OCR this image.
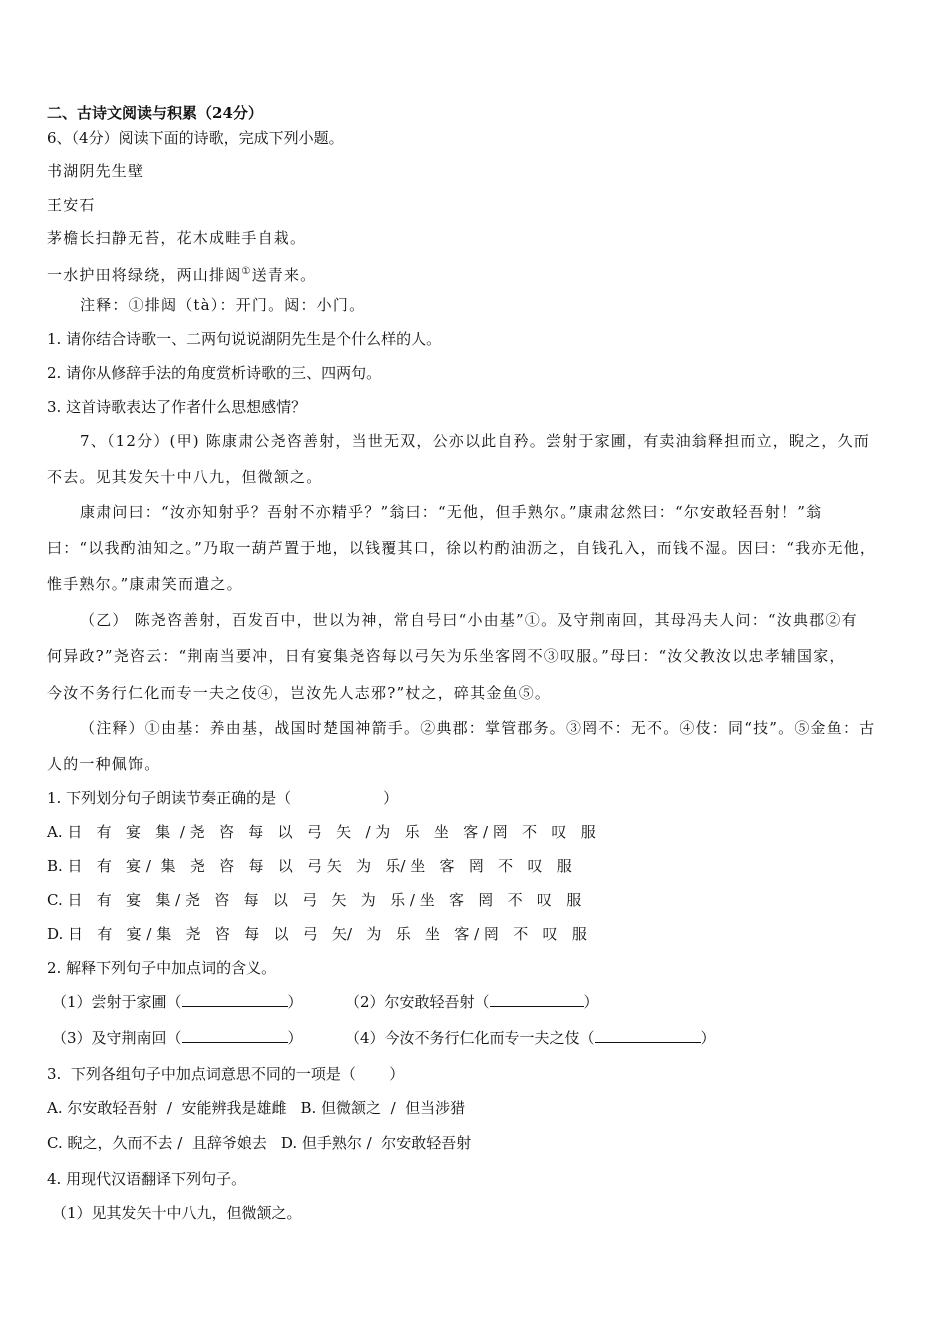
二、古诗文阅读与积累（24分）
6、（4分）阅读下面的诗歌，完成下列小题。
书湖阴先生壁
王安石
茅檐长扫静无苔，花木成畦手自栽。
一水护田将绿绕，两山排闼①送青来。
注释：①排闼（tà）：开门。闼：小门。
1. 请你结合诗歌一、二两句说说湖阴先生是个什么样的人。
2. 请你从修辞手法的角度赏析诗歌的三、四两句。
3. 这首诗歌表达了作者什么思想感情？
7、（12分）(甲) 陈康肃公尧咨善射，当世无双，公亦以此自矜。尝射于家圃，有卖油翁释担而立，睨之，久而
不去。见其发矢十中八九，但微颔之。
康肃问曰：“汝亦知射乎？吾射不亦精乎？”翁曰：“无他，但手熟尔。”康肃忿然曰：“尔安敢轻吾射！”翁
曰：“以我酌油知之。”乃取一葫芦置于地，以钱覆其口，徐以杓酌油沥之，自钱孔入，而钱不湿。因曰：“我亦无他，
惟手熟尔。”康肃笑而遣之。
（乙） 陈尧咨善射，百发百中，世以为神，常自号曰“小由基”①。及守荆南回，其母冯夫人问：“汝典郡②有
何异政?”尧咨云：“荆南当要冲，日有宴集尧咨每以弓矢为乐坐客罔不③叹服。”母曰：“汝父教汝以忠孝辅国家，
今汝不务行仁化而专一夫之伎④，岂汝先人志邪?”杖之，碎其金鱼⑤。
（注释）①由基：养由基，战国时楚国神箭手。②典郡：掌管郡务。③罔不：无不。④伎：同“技”。⑤金鱼：古
人的一种佩饰。
1. 下列划分句子朗读节奏正确的是（	）
A. 日   有   宴   集  / 尧   咨   每   以   弓   矢   / 为   乐   坐   客 / 罔   不   叹   服
B. 日   有   宴 /  集   尧   咨   每   以   弓 矢   为   乐/ 坐   客   罔   不   叹   服
C. 日   有   宴   集 / 尧   咨   每   以   弓   矢   为   乐 / 坐   客   罔   不   叹   服
D. 日   有   宴 / 集   尧   咨   每   以   弓   矢/   为   乐   坐   客 / 罔   不   叹   服
2. 解释下列句子中加点词的含义。
（1）尝射于家圃（	）	（2）尔安敢轻吾射（	）
（3）及守荆南回（	）	（4）今汝不务行仁化而专一夫之伎（	）
3.  下列各组句子中加点词意思不同的一项是（       ）
A. 尔安敢轻吾射  /  安能辨我是雄雌 B. 但微颔之  /  但当涉猎
C. 睨之，久而不去 /  且辞爷娘去 D. 但手熟尔 /  尔安敢轻吾射
4. 用现代汉语翻译下列句子。
（1）见其发矢十中八九，但微颔之。
